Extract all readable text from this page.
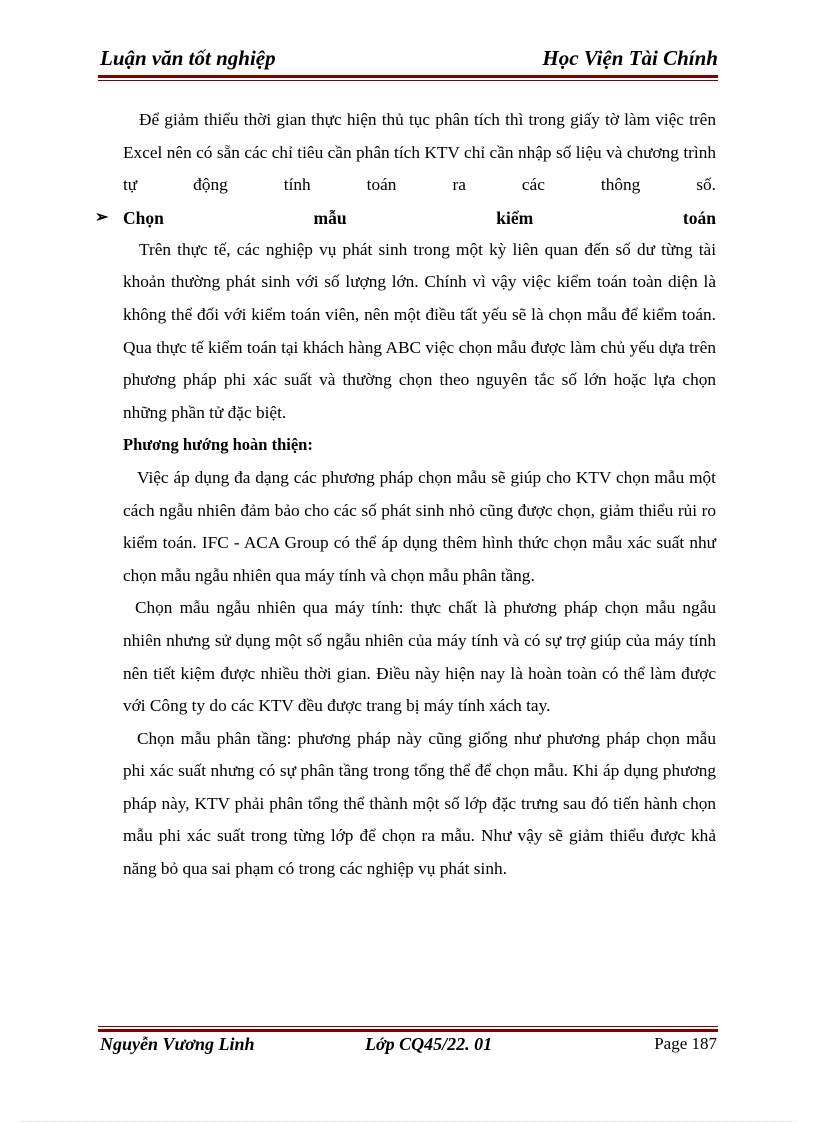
Luận văn tốt nghiệp	Học Viện Tài Chính

Để giảm thiểu thời gian thực hiện thủ tục phân tích thì trong giấy tờ làm việc trên Excel nên có sẵn các chỉ tiêu cần phân tích KTV chỉ cần nhập số liệu và chương trình tự động tính toán ra các thông số.

➢ Chọn mẫu kiểm toán

Trên thực tế, các nghiệp vụ phát sinh trong một kỳ liên quan đến số dư từng tài khoản thường phát sinh với số lượng lớn. Chính vì vậy việc kiểm toán toàn diện là không thể đối với kiểm toán viên, nên một điều tất yếu sẽ là chọn mẫu để kiểm toán. Qua thực tế kiểm toán tại khách hàng ABC việc chọn mẫu được làm chủ yếu dựa trên phương pháp phi xác suất và thường chọn theo nguyên tắc số lớn hoặc lựa chọn những phần tử đặc biệt.

Phương hướng hoàn thiện:

Việc áp dụng đa dạng các phương pháp chọn mẫu sẽ giúp cho KTV chọn mẫu một cách ngẫu nhiên đảm bảo cho các số phát sinh nhỏ cũng được chọn, giảm thiểu rủi ro kiểm toán. IFC - ACA Group có thể áp dụng thêm hình thức chọn mẫu xác suất như chọn mẫu ngẫu nhiên qua máy tính và chọn mẫu phân tầng.

Chọn mẫu ngẫu nhiên qua máy tính: thực chất là phương pháp chọn mẫu ngẫu nhiên nhưng sử dụng một số ngẫu nhiên của máy tính và có sự trợ giúp của máy tính nên tiết kiệm được nhiều thời gian. Điều này hiện nay là hoàn toàn có thể làm được với Công ty do các KTV đều được trang bị máy tính xách tay.

Chọn mẫu phân tầng: phương pháp này cũng giống như phương pháp chọn mẫu phi xác suất nhưng có sự phân tầng trong tổng thể để chọn mẫu. Khi áp dụng phương pháp này, KTV phải phân tổng thể thành một số lớp đặc trưng sau đó tiến hành chọn mẫu phi xác suất trong từng lớp để chọn ra mẫu. Như vậy sẽ giảm thiểu được khả năng bỏ qua sai phạm có trong các nghiệp vụ phát sinh.

Nguyễn Vương Linh	Lớp CQ45/22. 01	Page 187
